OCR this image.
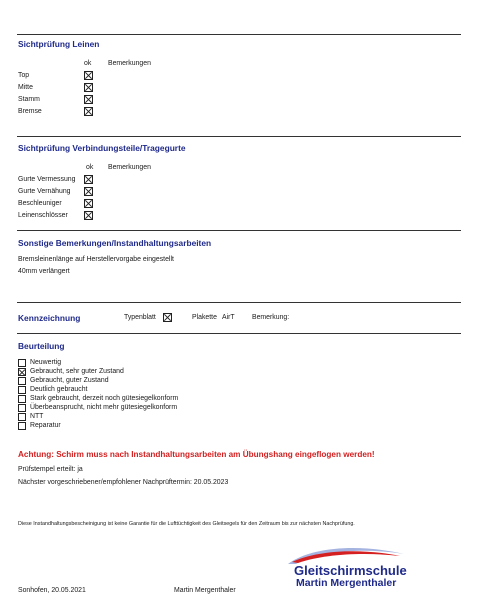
Sichtprüfung Leinen
ok Bemerkungen
Top
Mitte
Stamm
Bremse
Sichtprüfung Verbindungsteile/Tragegurte
ok Bemerkungen
Gurte Vermessung
Gurte Vernähung
Beschleuniger
Leinenschlösser
Sonstige Bemerkungen/Instandhaltungsarbeiten
Bremsleinenlänge auf Herstellervorgabe eingestellt
40mm verlängert
Kennzeichnung	Typenblatt	Plakette AirT	Bemerkung:
Beurteilung
Neuwertig
Gebraucht, sehr guter Zustand
Gebraucht, guter Zustand
Deutlich gebraucht
Stark gebraucht, derzeit noch gütesiegelkonform
Überbeansprucht, nicht mehr gütesiegelkonform
NTT
Reparatur
Achtung: Schirm muss nach Instandhaltungsarbeiten am Übungshang eingeflogen werden!
Prüfstempel erteilt: ja
Nächster vorgeschriebener/empfohlener Nachprüftermin: 20.05.2023
Diese Instandhaltungsbescheinigung ist keine Garantie für die Lufttüchtigkeit des Gleitsegels für den Zeitraum bis zur nächsten Nachprüfung.
Gleitschirmschule
Martin Mergenthaler
Sonhofen, 20.05.2021	Martin Mergenthaler
